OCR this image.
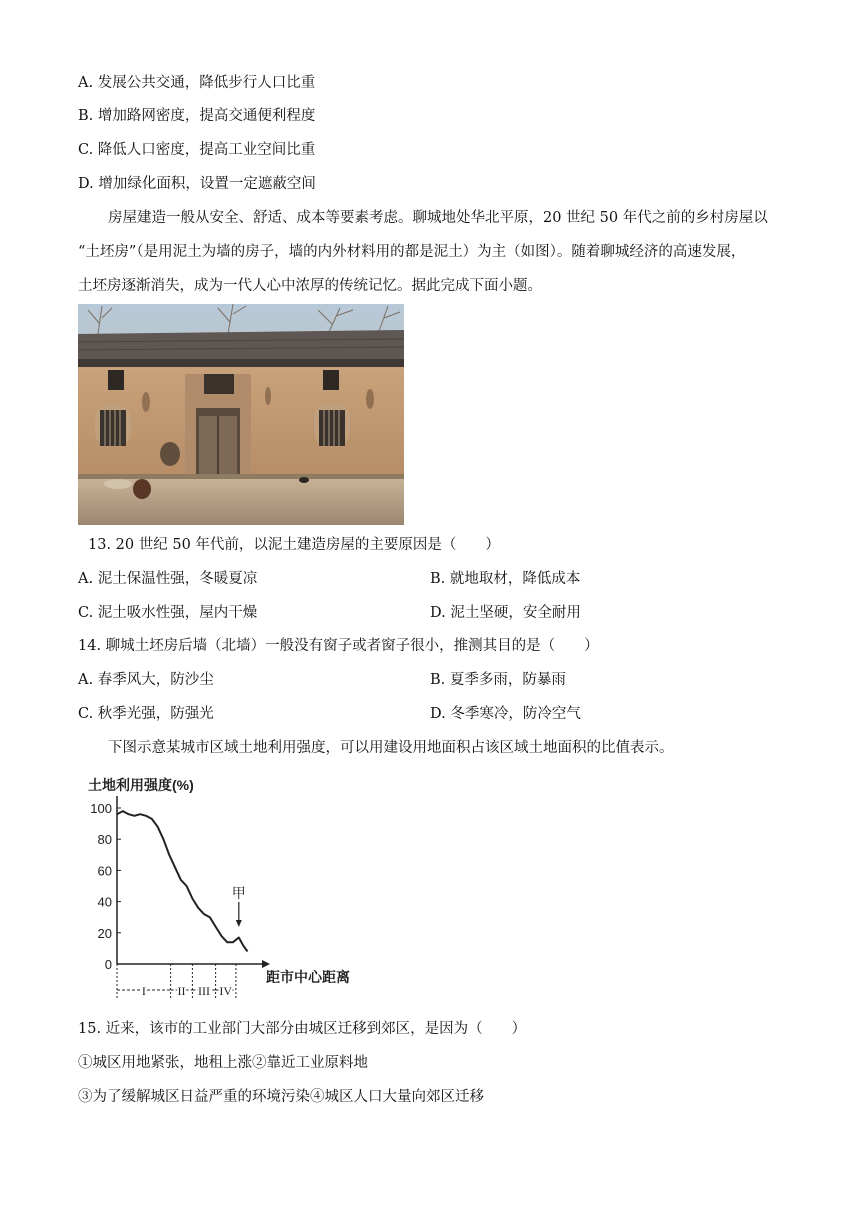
A. 发展公共交通，降低步行人口比重
B. 增加路网密度，提高交通便利程度
C. 降低人口密度，提高工业空间比重
D. 增加绿化面积，设置一定遮蔽空间
房屋建造一般从安全、舒适、成本等要素考虑。聊城地处华北平原，20 世纪 50 年代之前的乡村房屋以
“土坯房”（是用泥土为墙的房子，墙的内外材料用的都是泥土）为主（如图）。随着聊城经济的高速发展，
土坯房逐渐消失，成为一代人心中浓厚的传统记忆。据此完成下面小题。
13. 20 世纪 50 年代前，以泥土建造房屋的主要原因是（　　）
A. 泥土保温性强，冬暖夏凉	B. 就地取材，降低成本
C. 泥土吸水性强，屋内干燥	D. 泥土坚硬，安全耐用
14. 聊城土坯房后墙（北墙）一般没有窗子或者窗子很小，推测其目的是（　　）
A. 春季风大，防沙尘	B. 夏季多雨，防暴雨
C. 秋季光强，防强光	D. 冬季寒冷，防冷空气
下图示意某城市区域土地利用强度，可以用建设用地面积占该区域土地面积的比值表示。
土地利用强度(%)
0
20
40
60
80
100
距市中心距离
I	II III IV
甲
15. 近来，该市的工业部门大部分由城区迁移到郊区，是因为（　　）
①城区用地紧张，地租上涨②靠近工业原料地
③为了缓解城区日益严重的环境污染④城区人口大量向郊区迁移
